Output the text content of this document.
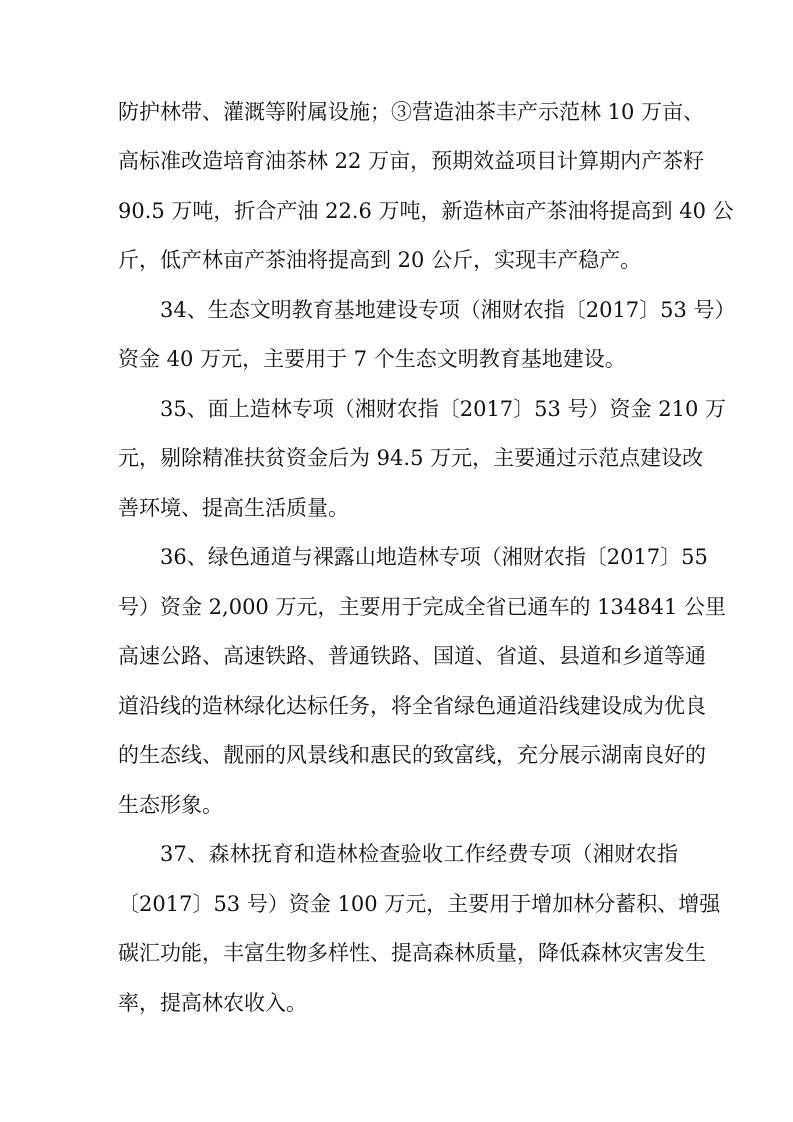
防护林带、灌溉等附属设施；③营造油茶丰产示范林 10 万亩、
高标准改造培育油茶林 22 万亩，预期效益项目计算期内产茶籽
90.5 万吨，折合产油 22.6 万吨，新造林亩产茶油将提高到 40 公
斤，低产林亩产茶油将提高到 20 公斤，实现丰产稳产。
34、生态文明教育基地建设专项（湘财农指〔2017〕53 号）
资金 40 万元，主要用于 7 个生态文明教育基地建设。
35、面上造林专项（湘财农指〔2017〕53 号）资金 210 万
元，剔除精准扶贫资金后为 94.5 万元，主要通过示范点建设改
善环境、提高生活质量。
36、绿色通道与裸露山地造林专项（湘财农指〔2017〕55
号）资金 2,000 万元，主要用于完成全省已通车的 134841 公里
高速公路、高速铁路、普通铁路、国道、省道、县道和乡道等通
道沿线的造林绿化达标任务，将全省绿色通道沿线建设成为优良
的生态线、靓丽的风景线和惠民的致富线，充分展示湖南良好的
生态形象。
37、森林抚育和造林检查验收工作经费专项（湘财农指
〔2017〕53 号）资金 100 万元，主要用于增加林分蓄积、增强
碳汇功能，丰富生物多样性、提高森林质量，降低森林灾害发生
率，提高林农收入。
